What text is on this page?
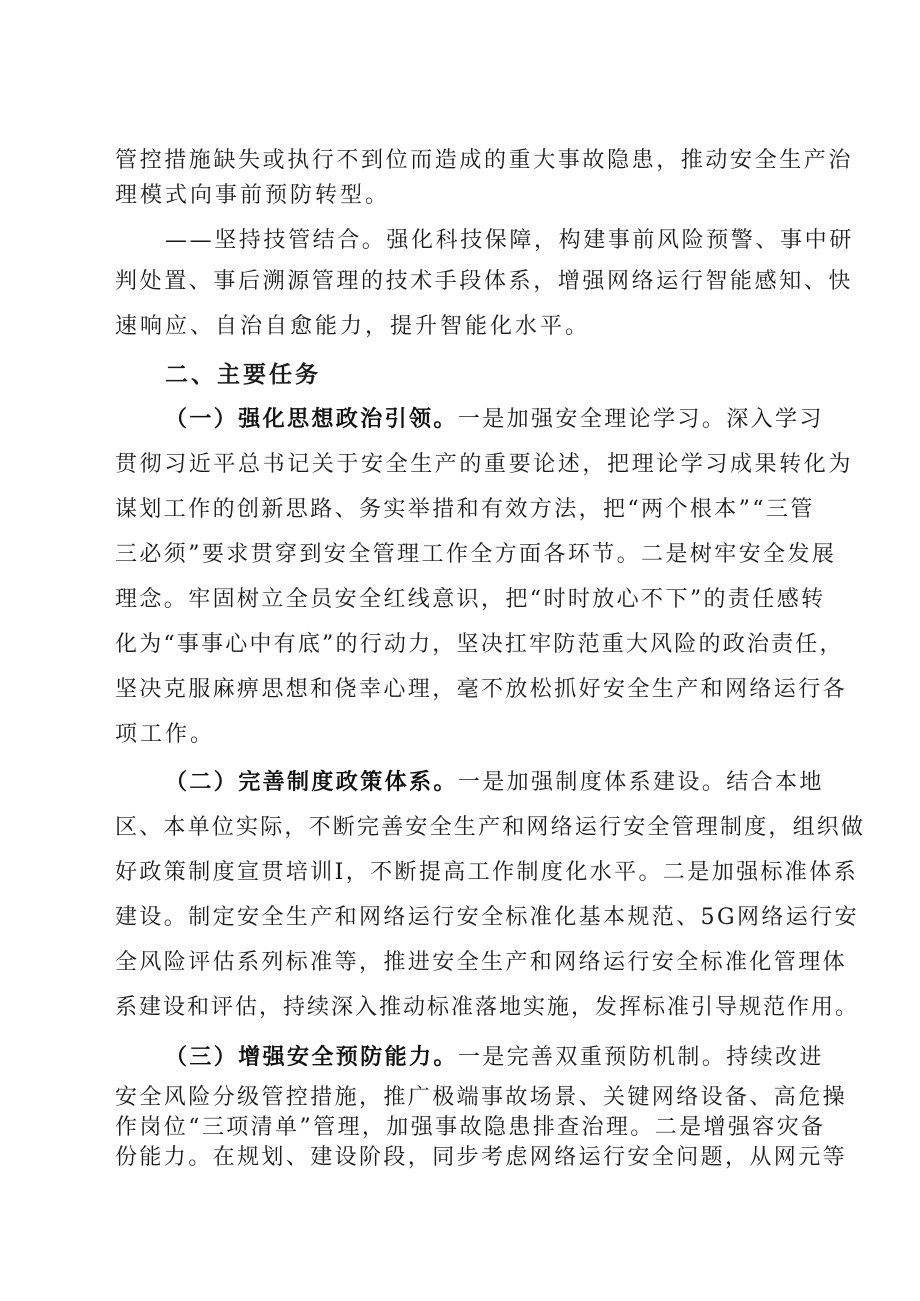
管控措施缺失或执行不到位而造成的重大事故隐患，推动安全生产治
理模式向事前预防转型。
——坚持技管结合。强化科技保障，构建事前风险预警、事中研
判处置、事后溯源管理的技术手段体系，增强网络运行智能感知、快
速响应、自治自愈能力，提升智能化水平。
二、主要任务
（一）强化思想政治引领。一是加强安全理论学习。深入学习
贯彻习近平总书记关于安全生产的重要论述，把理论学习成果转化为
谋划工作的创新思路、务实举措和有效方法，把“两个根本”“三管
三必须”要求贯穿到安全管理工作全方面各环节。二是树牢安全发展
理念。牢固树立全员安全红线意识，把“时时放心不下”的责任感转
化为“事事心中有底”的行动力，坚决扛牢防范重大风险的政治责任，
坚决克服麻痹思想和侥幸心理，毫不放松抓好安全生产和网络运行各
项工作。
（二）完善制度政策体系。一是加强制度体系建设。结合本地
区、本单位实际，不断完善安全生产和网络运行安全管理制度，组织做
好政策制度宣贯培训I，不断提高工作制度化水平。二是加强标准体系
建设。制定安全生产和网络运行安全标准化基本规范、5G网络运行安
全风险评估系列标准等，推进安全生产和网络运行安全标准化管理体
系建设和评估，持续深入推动标准落地实施，发挥标准引导规范作用。
（三）增强安全预防能力。一是完善双重预防机制。持续改进
安全风险分级管控措施，推广极端事故场景、关键网络设备、高危操
作岗位“三项清单”管理，加强事故隐患排查治理。二是增强容灾备
份能力。在规划、建设阶段，同步考虑网络运行安全问题，从网元等
